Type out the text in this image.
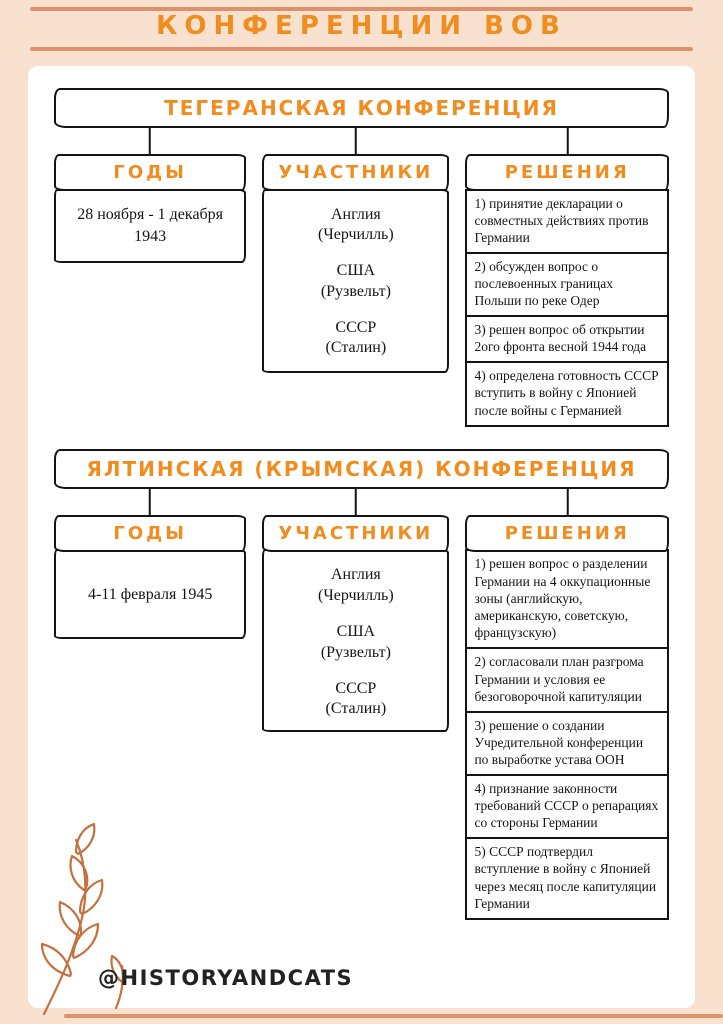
КОНФЕРЕНЦИИ ВОВ
ТЕГЕРАНСКАЯ КОНФЕРЕНЦИЯ
ГОДЫ
28 ноября - 1 декабря 1943
УЧАСТНИКИ
Англия
(Черчилль)
США
(Рузвельт)
СССР
(Сталин)
РЕШЕНИЯ
1) принятие декларации о совместных действиях против Германии
2) обсужден вопрос о послевоенных границах Польши по реке Одер
3) решен вопрос об открытии 2ого фронта весной 1944 года
4) определена готовность СССР вступить в войну с Японией после войны с Германией
ЯЛТИНСКАЯ (КРЫМСКАЯ) КОНФЕРЕНЦИЯ
ГОДЫ
4-11 февраля 1945
УЧАСТНИКИ
Англия
(Черчилль)
США
(Рузвельт)
СССР
(Сталин)
РЕШЕНИЯ
1) решен вопрос о разделении Германии на 4 оккупационные зоны (английскую, американскую, советскую, французскую)
2) согласовали план разгрома Германии и условия ее безоговорочной капитуляции
3) решение о создании Учредительной конференции по выработке устава ООН
4) признание законности требований СССР о репарациях со стороны Германии
5) СССР подтвердил вступление в войну с Японией через месяц после капитуляции Германии
@HISTORYANDCATS
